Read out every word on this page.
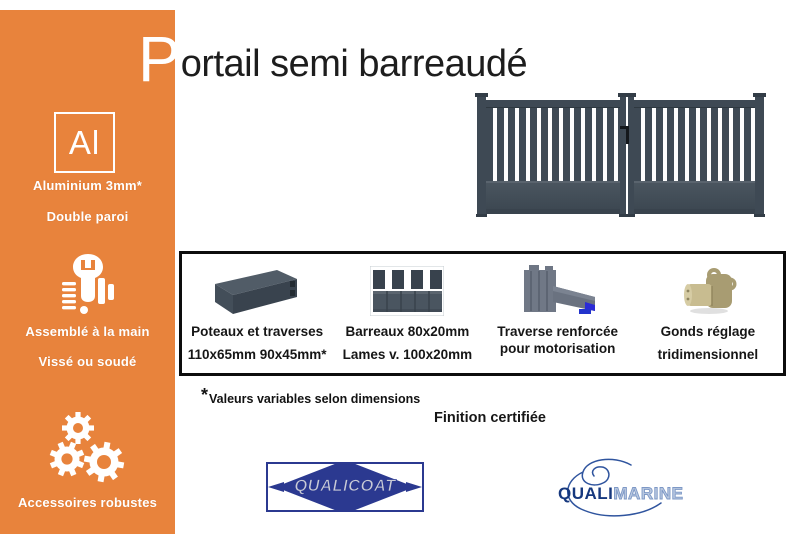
Al
Aluminium 3mm*
Double paroi
Assemblé à la main
Vissé ou soudé
Accessoires robustes
P ortail semi barreaudé
Poteaux et traverses
110x65mm 90x45mm*
Barreaux 80x20mm
Lames v. 100x20mm
Traverse renforcée
pour motorisation
Gonds réglage
tridimensionnel
*Valeurs variables selon dimensions
Finition certifiée
QUALICOAT	QUALIMARINE
